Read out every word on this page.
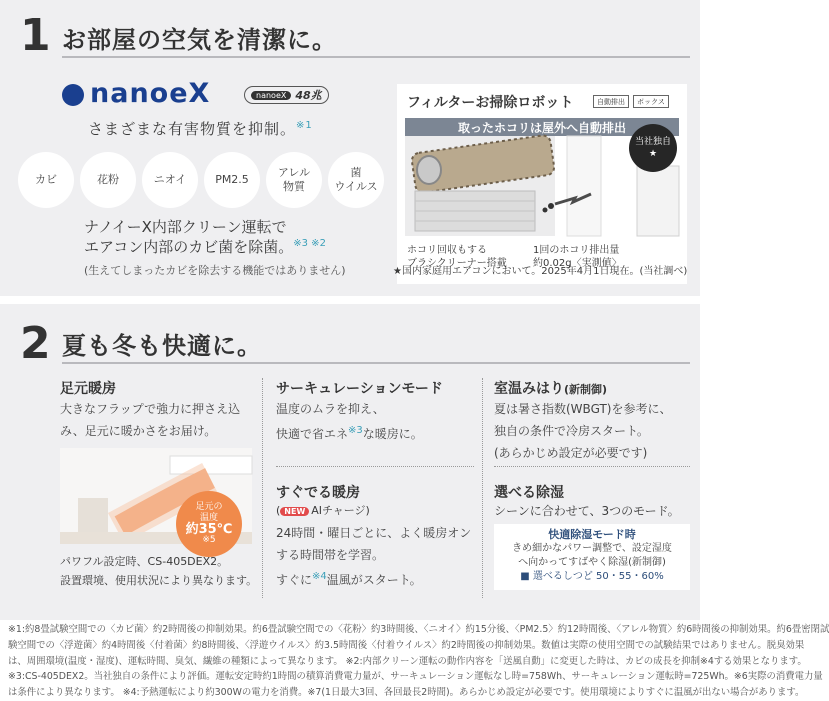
1 お部屋の空気を清潔に。
nanoeX	nanoeX 48兆
さまざまな有害物質を抑制。$^{※1}$
カビ	花粉	ニオイ	PM2.5
アレル
物質
菌
ウイルス
ナノイーX内部クリーン運転で
エアコン内部のカビ菌を除菌。$^{※3 ※2}$
(生えてしまったカビを除去する機能ではありません)
フィルターお掃除ロボット	自動排出	ボックス
取ったホコリは屋外へ自動排出
当社独自
★
ホコリ回収もする
ブラシクリーナー搭載
1回のホコリ排出量
約0.02g〈実測値〉
★国内家庭用エアコンにおいて。2025年4月1日現在。(当社調べ)
2 夏も冬も快適に。
足元暖房
大きなフラップで強力に押さえ込
み、足元に暖かさをお届け。
足元の
温度
約35℃
※5
パワフル設定時、CS-405DEX2。
設置環境、使用状況により異なります。
サーキュレーションモード
温度のムラを抑え、
快適で省エネ$^{※3}$な暖房に。
すぐでる暖房
( NEW AIチャージ)
24時間・曜日ごとに、よく暖房オン
する時間帯を学習。
すぐに$^{※4}$温風がスタート。
室温みはり(新制御)
夏は暑さ指数(WBGT)を参考に、
独自の条件で冷房スタート。
(あらかじめ設定が必要です)
選べる除湿
シーンに合わせて、3つのモード。
快適除湿モード時
きめ細かなパワー調整で、設定湿度
へ向かってすばやく除湿(新制御)
■ 選べるしつど 50・55・60%
※1:約8畳試験空間での〈カビ菌〉約2時間後の抑制効果。約6畳試験空間での〈花粉〉約3時間後、〈ニオイ〉約15分後、〈PM2.5〉約12時間後、〈アレル物質〉約6時間後の抑制効果。約6畳密閉試
験空間での〈浮遊菌〉約4時間後〈付着菌〉約8時間後、〈浮遊ウイルス〉約3.5時間後〈付着ウイルス〉約2時間後の抑制効果。数値は実際の使用空間での試験結果ではありません。脱臭効果
は、周囲環境(温度・湿度)、運転時間、臭気、繊維の種類によって異なります。 ※2:内部クリーン運転の動作内容を「送風自動」に変更した時は、カビの成長を抑制※4する効果となります。
※3:CS-405DEX2。当社独自の条件により評価。運転安定時約1時間の積算消費電力量が、サーキュレーション運転なし時=758Wh、サーキュレーション運転時=725Wh。※6実際の消費電力量
は条件により異なります。 ※4:予熱運転により約300Wの電力を消費。※7(1日最大3回、各回最長2時間)。あらかじめ設定が必要です。使用環境によりすぐに温風が出ない場合があります。
